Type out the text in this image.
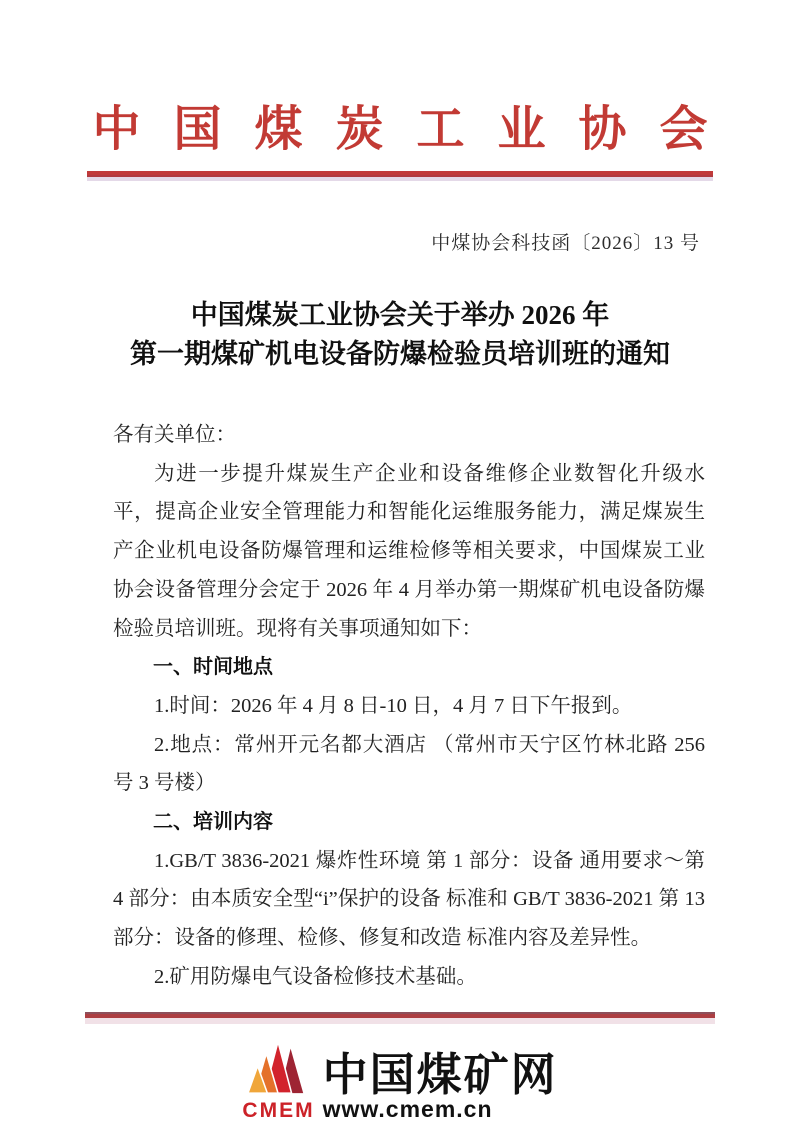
中国煤炭工业协会
中煤协会科技函〔2026〕13 号
中国煤炭工业协会关于举办 2026 年
第一期煤矿机电设备防爆检验员培训班的通知

各有关单位：

为进一步提升煤炭生产企业和设备维修企业数智化升级水平，提高企业安全管理能力和智能化运维服务能力，满足煤炭生产企业机电设备防爆管理和运维检修等相关要求，中国煤炭工业协会设备管理分会定于 2026 年 4 月举办第一期煤矿机电设备防爆检验员培训班。现将有关事项通知如下：

一、时间地点

1.时间：2026 年 4 月 8 日-10 日，4 月 7 日下午报到。

2.地点：常州开元名都大酒店 （常州市天宁区竹林北路 256 号 3 号楼）

二、培训内容

1.GB/T 3836-2021 爆炸性环境 第 1 部分：设备 通用要求～第 4 部分：由本质安全型“i”保护的设备 标准和 GB/T 3836-2021 第 13 部分：设备的修理、检修、修复和改造 标准内容及差异性。

2.矿用防爆电气设备检修技术基础。

CMEM
中国煤矿网
www.cmem.cn
